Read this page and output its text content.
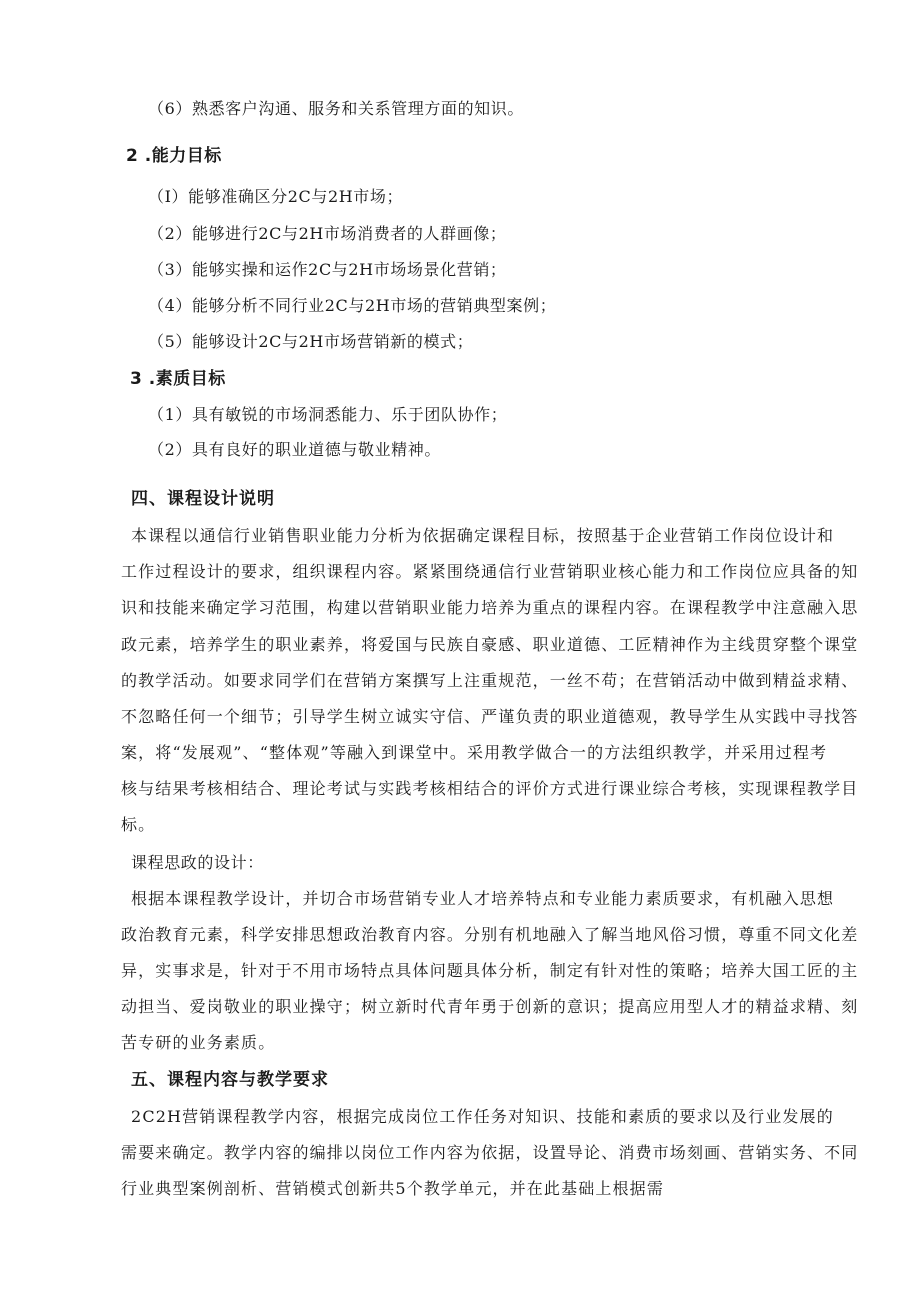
（6）熟悉客户沟通、服务和关系管理方面的知识。
2 .能力目标
（I）能够准确区分2C与2H市场；
（2）能够进行2C与2H市场消费者的人群画像；
（3）能够实操和运作2C与2H市场场景化营销；
（4）能够分析不同行业2C与2H市场的营销典型案例；
（5）能够设计2C与2H市场营销新的模式；
3 .素质目标
（1）具有敏锐的市场洞悉能力、乐于团队协作；
（2）具有良好的职业道德与敬业精神。
四、课程设计说明
本课程以通信行业销售职业能力分析为依据确定课程目标，按照基于企业营销工作岗位设计和
工作过程设计的要求，组织课程内容。紧紧围绕通信行业营销职业核心能力和工作岗位应具备的知
识和技能来确定学习范围，构建以营销职业能力培养为重点的课程内容。在课程教学中注意融入思
政元素，培养学生的职业素养，将爱国与民族自豪感、职业道德、工匠精神作为主线贯穿整个课堂
的教学活动。如要求同学们在营销方案撰写上注重规范，一丝不苟；在营销活动中做到精益求精、
不忽略任何一个细节；引导学生树立诚实守信、严谨负责的职业道德观，教导学生从实践中寻找答
案，将“发展观”、“整体观”等融入到课堂中。采用教学做合一的方法组织教学，并采用过程考
核与结果考核相结合、理论考试与实践考核相结合的评价方式进行课业综合考核，实现课程教学目
标。
课程思政的设计：
根据本课程教学设计，并切合市场营销专业人才培养特点和专业能力素质要求，有机融入思想
政治教育元素，科学安排思想政治教育内容。分别有机地融入了解当地风俗习惯，尊重不同文化差
异，实事求是，针对于不用市场特点具体问题具体分析，制定有针对性的策略；培养大国工匠的主
动担当、爱岗敬业的职业操守；树立新时代青年勇于创新的意识；提高应用型人才的精益求精、刻
苦专研的业务素质。
五、课程内容与教学要求
2C2H营销课程教学内容，根据完成岗位工作任务对知识、技能和素质的要求以及行业发展的
需要来确定。教学内容的编排以岗位工作内容为依据，设置导论、消费市场刻画、营销实务、不同
行业典型案例剖析、营销模式创新共5个教学单元，并在此基础上根据需
